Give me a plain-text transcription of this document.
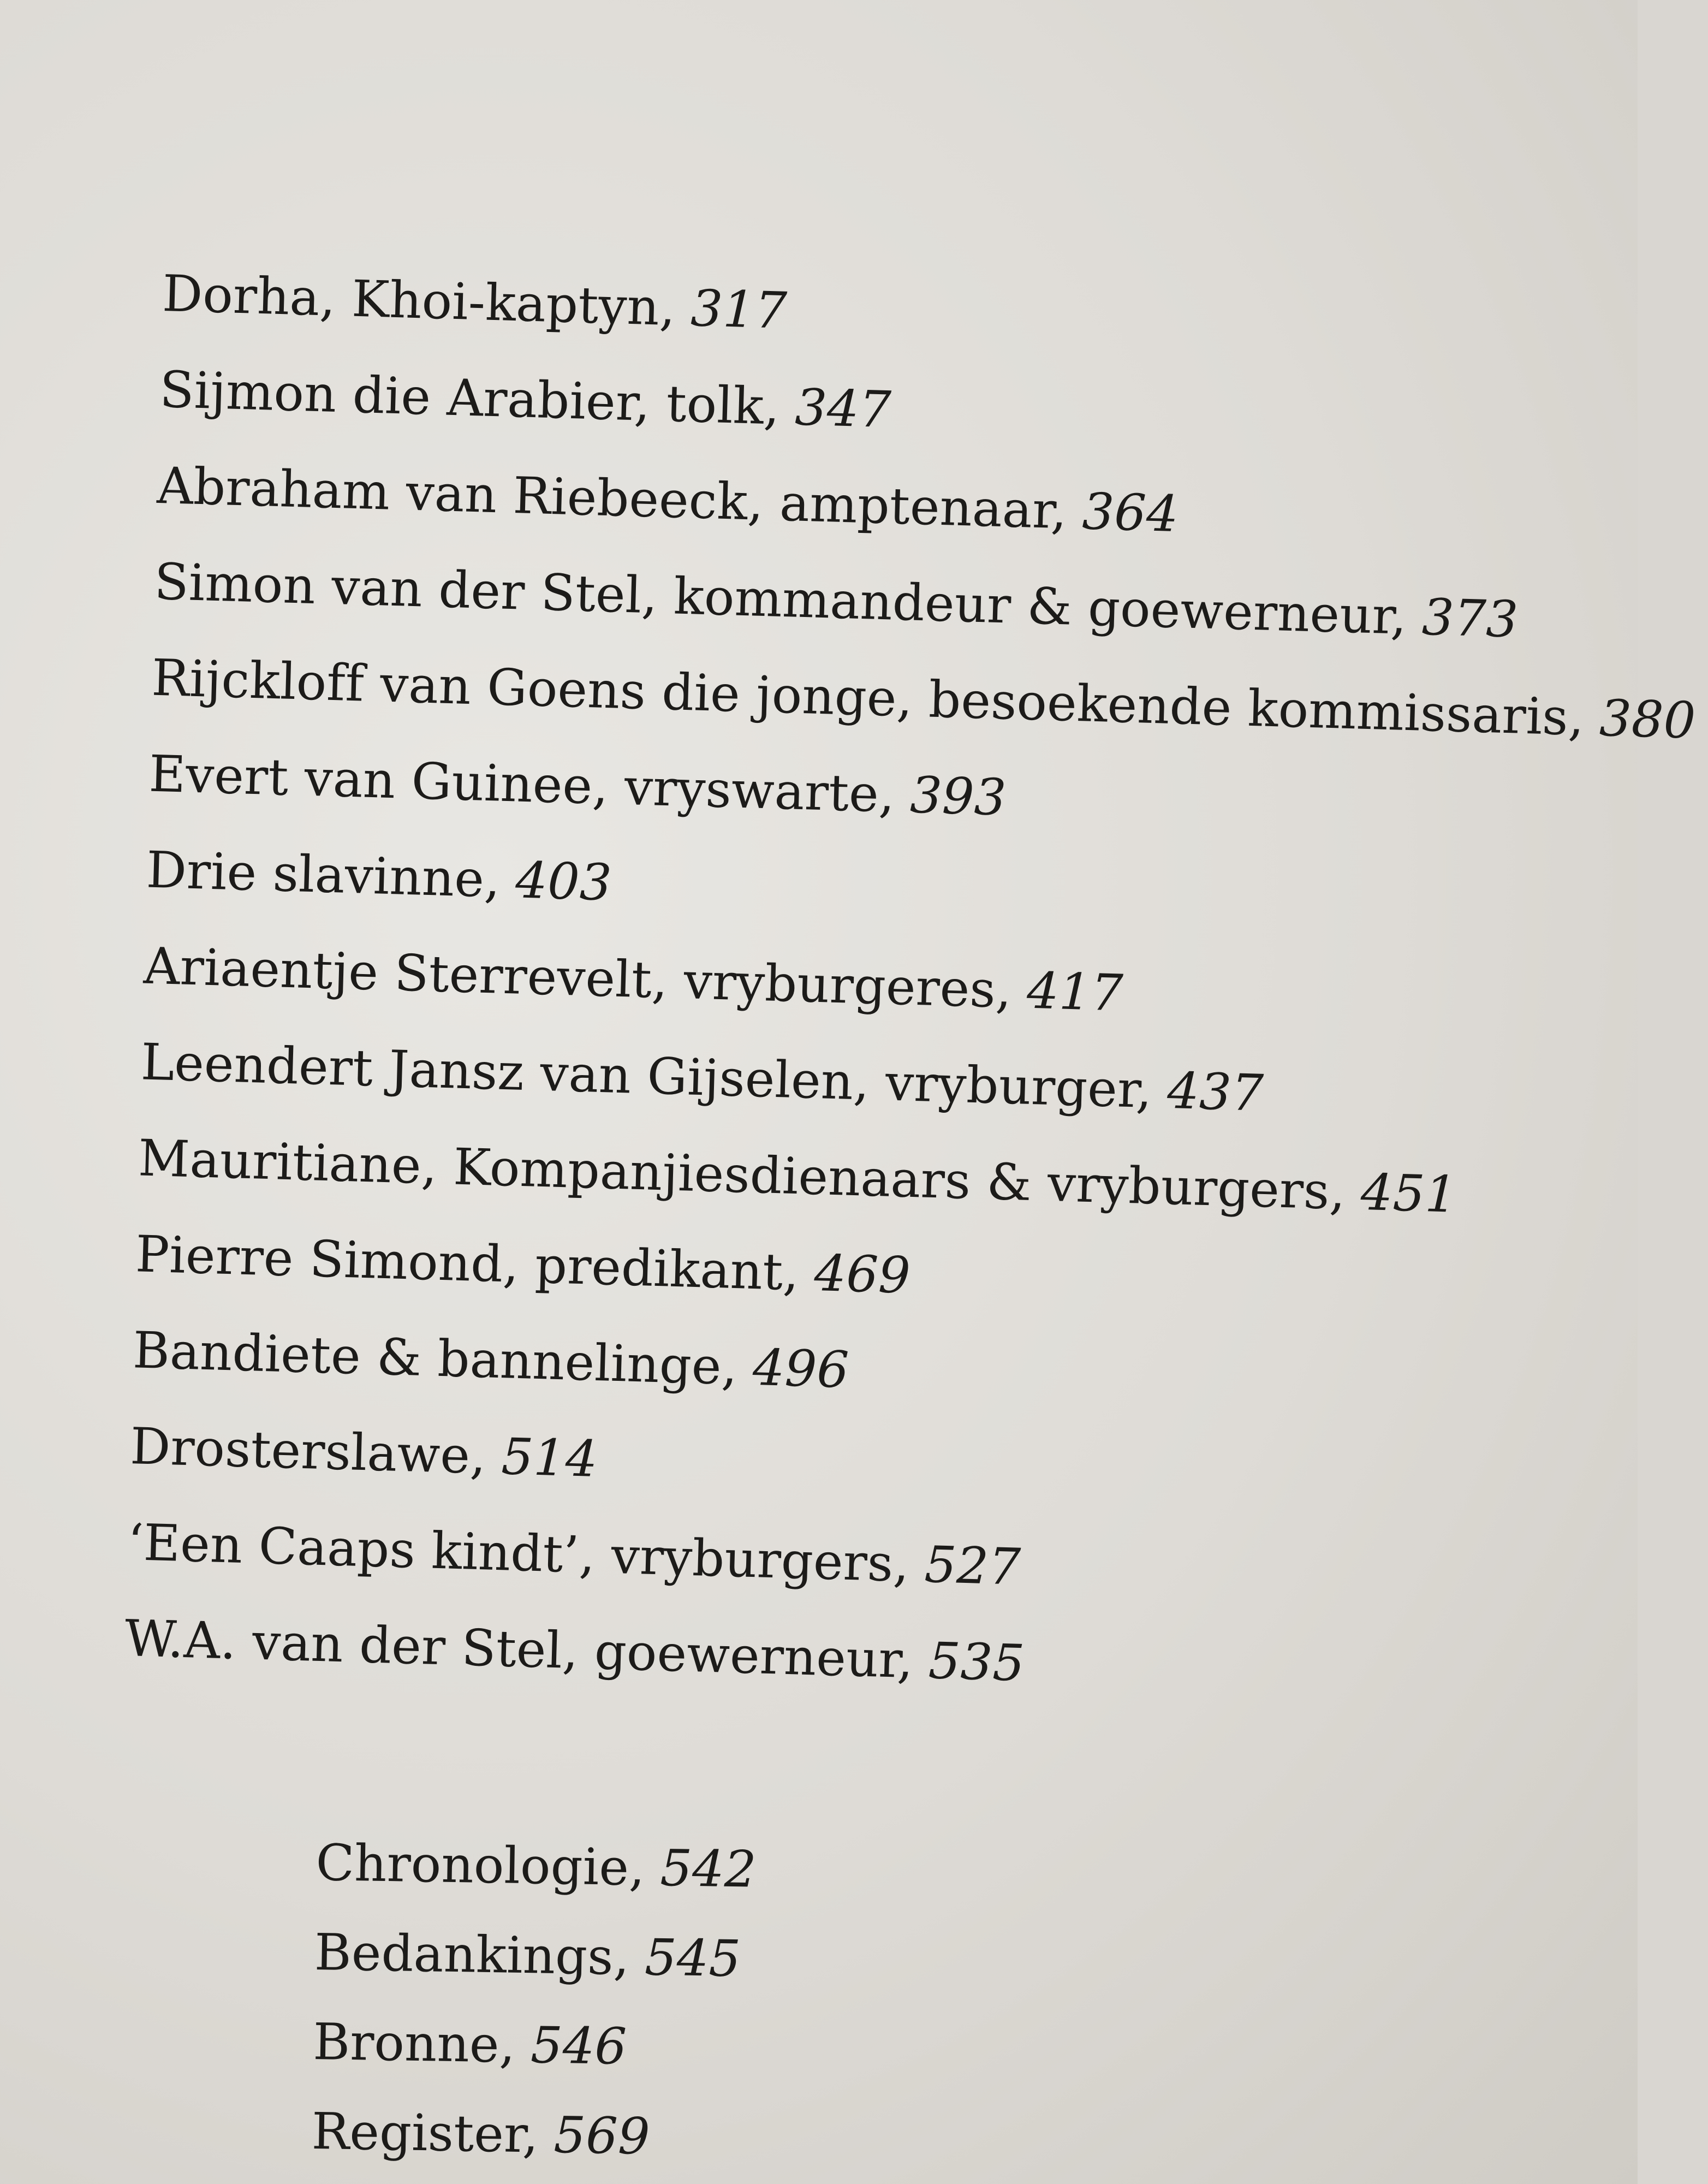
Dorha, Khoi-kaptyn, 317
Sijmon die Arabier, tolk, 347
Abraham van Riebeeck, amptenaar, 364
Simon van der Stel, kommandeur & goewerneur, 373
Rijckloff van Goens die jonge, besoekende kommissaris, 380
Evert van Guinee, vryswarte, 393
Drie slavinne, 403
Ariaentje Sterrevelt, vryburgeres, 417
Leendert Jansz van Gijselen, vryburger, 437
Mauritiane, Kompanjiesdienaars & vryburgers, 451
Pierre Simond, predikant, 469
Bandiete & bannelinge, 496
Drosterslawe, 514
‘Een Caaps kindt’, vryburgers, 527
W.A. van der Stel, goewerneur, 535
Chronologie, 542
Bedankings, 545
Bronne, 546
Register, 569
